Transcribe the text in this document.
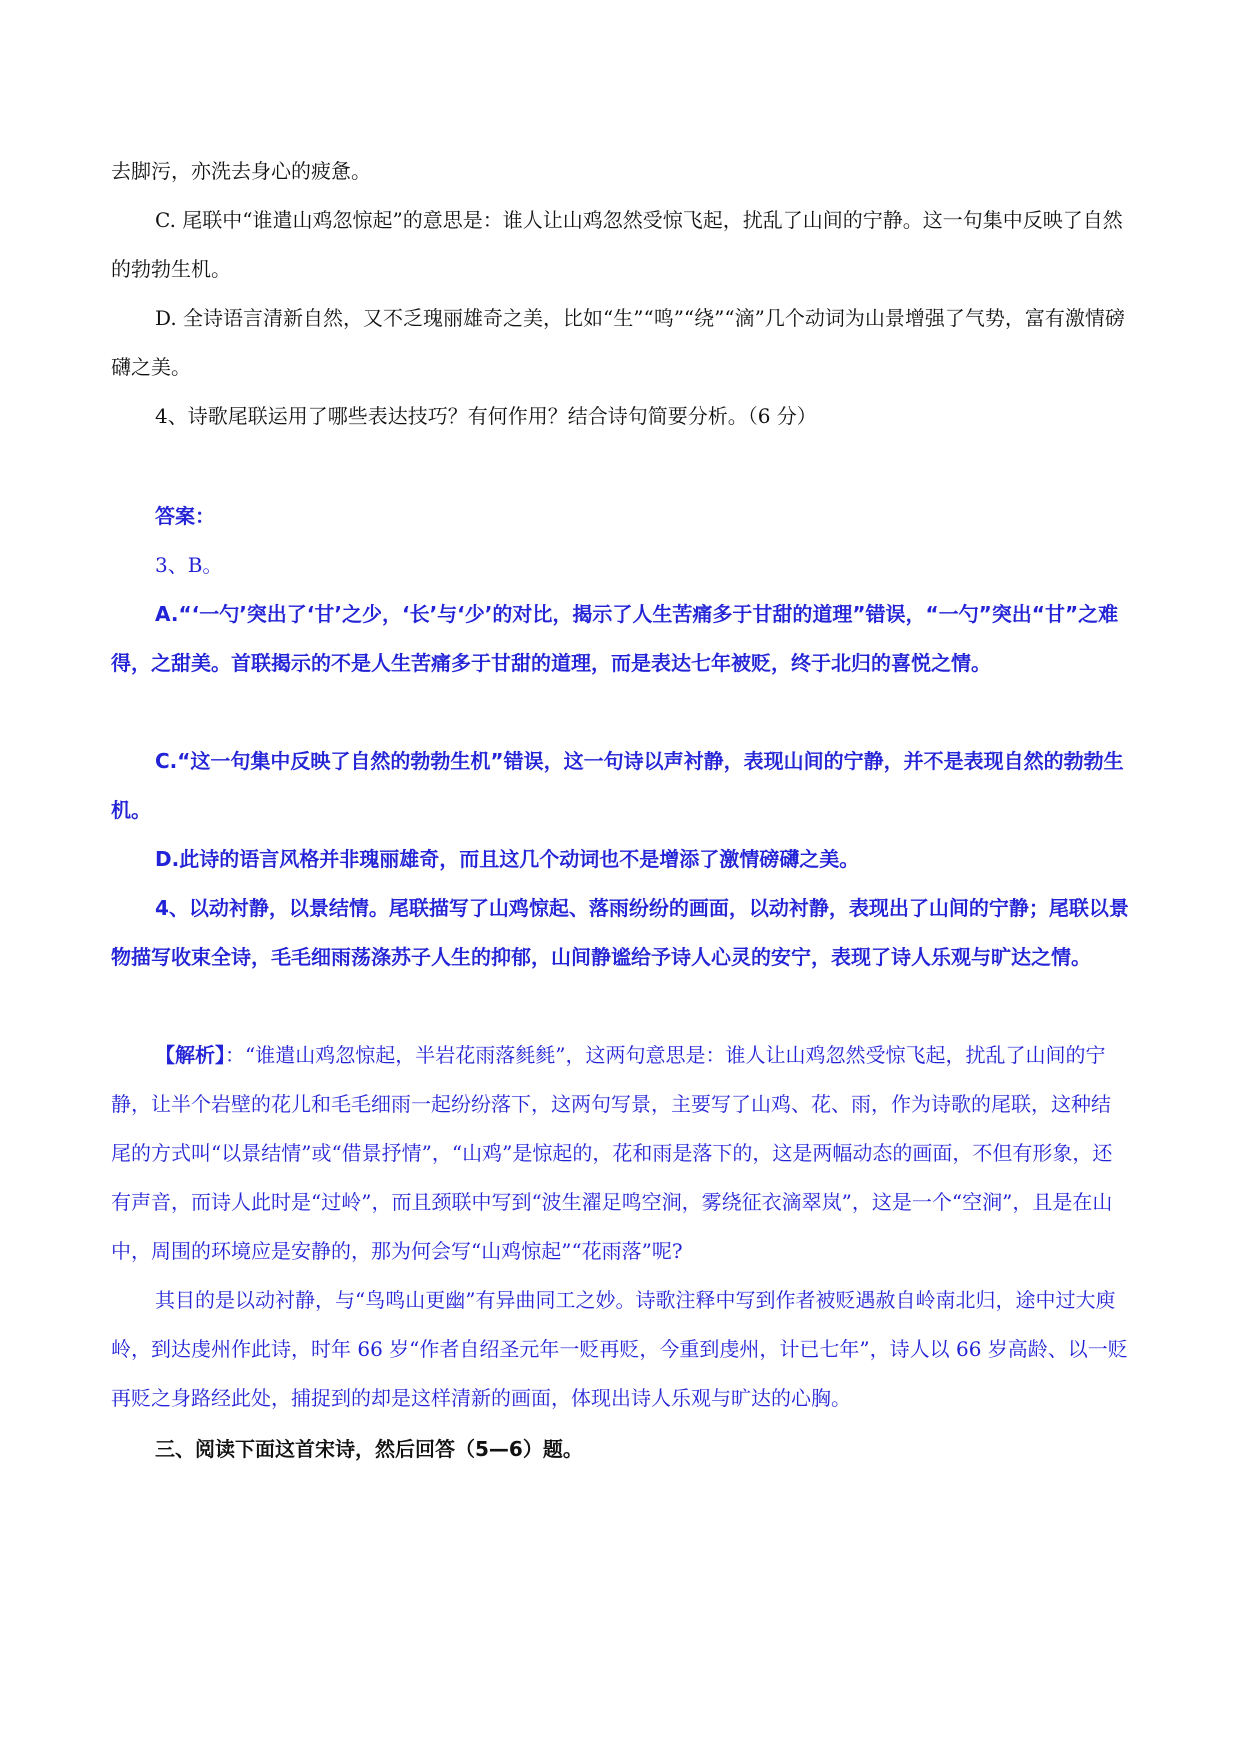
去脚污，亦洗去身心的疲惫。

C. 尾联中“谁遣山鸡忽惊起”的意思是：谁人让山鸡忽然受惊飞起，扰乱了山间的宁静。这一句集中反映了自然的勃勃生机。

D. 全诗语言清新自然，又不乏瑰丽雄奇之美，比如“生”“鸣”“绕”“滴”几个动词为山景增强了气势，富有激情磅礴之美。

4、诗歌尾联运用了哪些表达技巧？有何作用？结合诗句简要分析。（6 分）

答案：

3、B。

A.“‘一勺’突出了‘甘’之少，‘长’与‘少’的对比，揭示了人生苦痛多于甘甜的道理”错误，“一勺”突出“甘”之难得，之甜美。首联揭示的不是人生苦痛多于甘甜的道理，而是表达七年被贬，终于北归的喜悦之情。

C.“这一句集中反映了自然的勃勃生机”错误，这一句诗以声衬静，表现山间的宁静，并不是表现自然的勃勃生机。

D.此诗的语言风格并非瑰丽雄奇，而且这几个动词也不是增添了激情磅礴之美。

4、以动衬静，以景结情。尾联描写了山鸡惊起、落雨纷纷的画面，以动衬静，表现出了山间的宁静；尾联以景物描写收束全诗，毛毛细雨荡涤苏子人生的抑郁，山间静谧给予诗人心灵的安宁，表现了诗人乐观与旷达之情。

【解析】：“谁遣山鸡忽惊起，半岩花雨落毵毵”，这两句意思是：谁人让山鸡忽然受惊飞起，扰乱了山间的宁静，让半个岩壁的花儿和毛毛细雨一起纷纷落下，这两句写景，主要写了山鸡、花、雨，作为诗歌的尾联，这种结尾的方式叫“以景结情”或“借景抒情”，“山鸡”是惊起的，花和雨是落下的，这是两幅动态的画面，不但有形象，还有声音，而诗人此时是“过岭”，而且颈联中写到“波生濯足鸣空涧，雾绕征衣滴翠岚”，这是一个“空涧”，且是在山中，周围的环境应是安静的，那为何会写“山鸡惊起”“花雨落”呢?

其目的是以动衬静，与“鸟鸣山更幽”有异曲同工之妙。诗歌注释中写到作者被贬遇赦自岭南北归，途中过大庾岭，到达虔州作此诗，时年 66 岁“作者自绍圣元年一贬再贬，今重到虔州，计已七年”，诗人以 66 岁高龄、以一贬再贬之身路经此处，捕捉到的却是这样清新的画面，体现出诗人乐观与旷达的心胸。

三、阅读下面这首宋诗，然后回答（5—6）题。
